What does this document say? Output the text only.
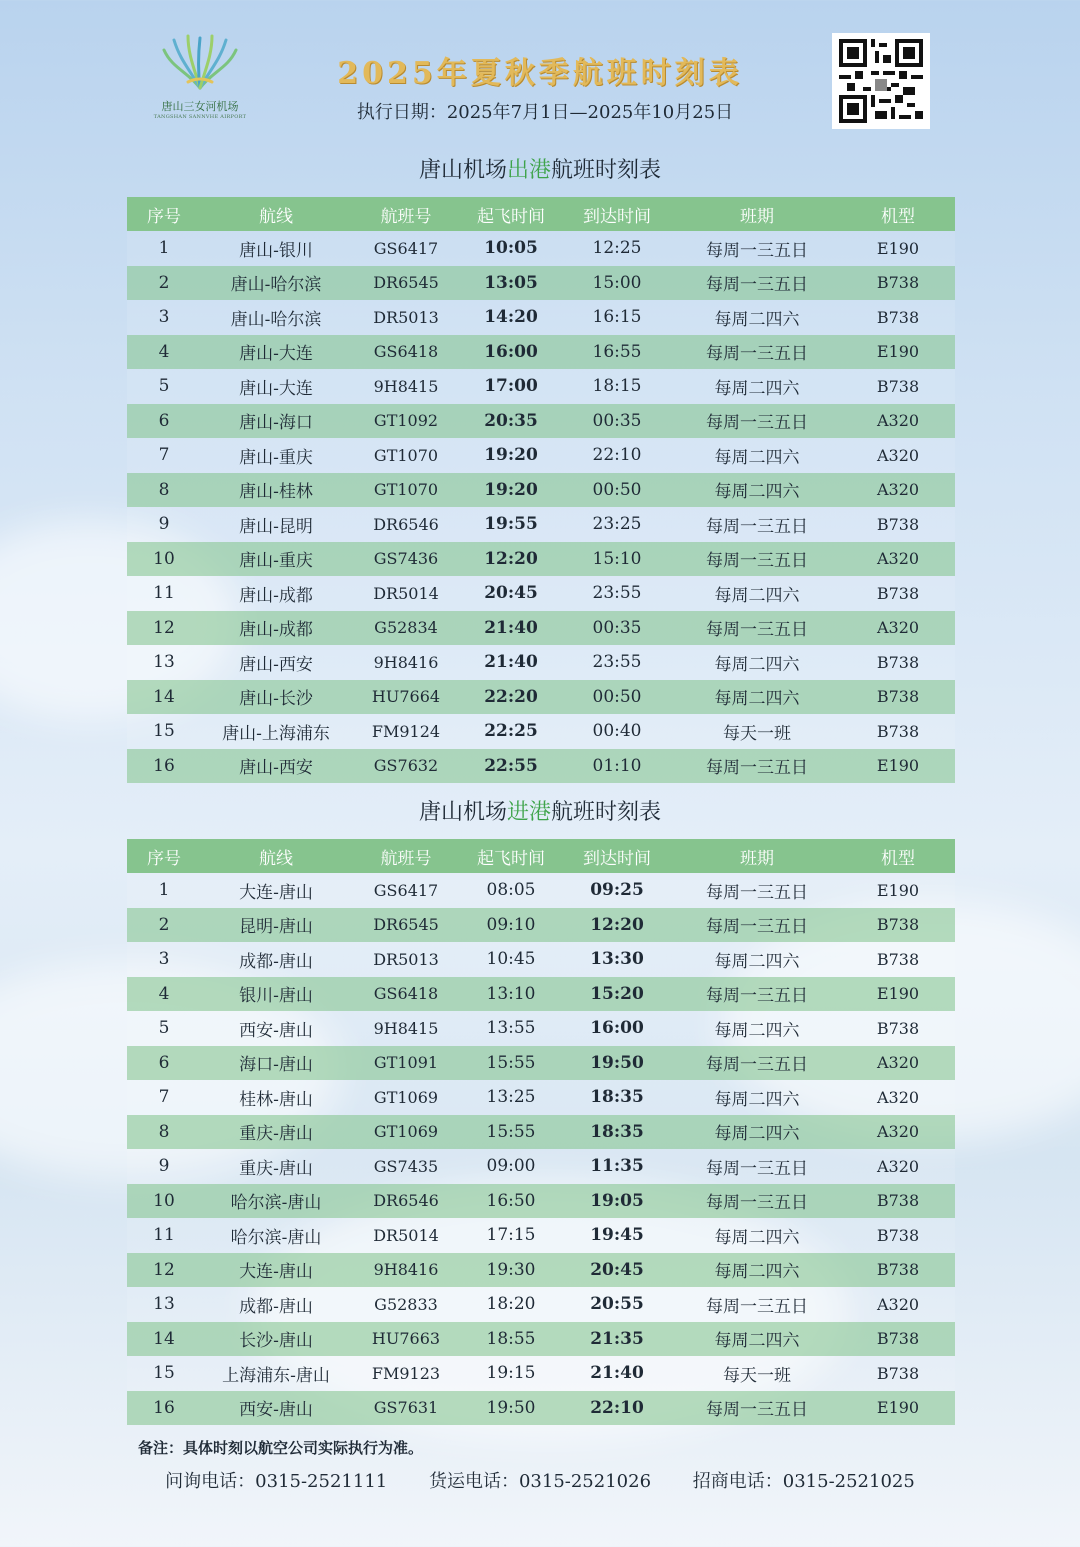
唐山三女河机场
TANGSHAN SANNVHE AIRPORT
2025年夏秋季航班时刻表
执行日期：2025年7月1日—2025年10月25日
唐山机场出港航班时刻表
序号	航线	航班号	起飞时间	到达时间	班期	机型
1	唐山-银川	GS6417	10:05	12:25	每周一三五日	E190
2	唐山-哈尔滨	DR6545	13:05	15:00	每周一三五日	B738
3	唐山-哈尔滨	DR5013	14:20	16:15	每周二四六	B738
4	唐山-大连	GS6418	16:00	16:55	每周一三五日	E190
5	唐山-大连	9H8415	17:00	18:15	每周二四六	B738
6	唐山-海口	GT1092	20:35	00:35	每周一三五日	A320
7	唐山-重庆	GT1070	19:20	22:10	每周二四六	A320
8	唐山-桂林	GT1070	19:20	00:50	每周二四六	A320
9	唐山-昆明	DR6546	19:55	23:25	每周一三五日	B738
10	唐山-重庆	GS7436	12:20	15:10	每周一三五日	A320
11	唐山-成都	DR5014	20:45	23:55	每周二四六	B738
12	唐山-成都	G52834	21:40	00:35	每周一三五日	A320
13	唐山-西安	9H8416	21:40	23:55	每周二四六	B738
14	唐山-长沙	HU7664	22:20	00:50	每周二四六	B738
15	唐山-上海浦东	FM9124	22:25	00:40	每天一班	B738
16	唐山-西安	GS7632	22:55	01:10	每周一三五日	E190
唐山机场进港航班时刻表
序号	航线	航班号	起飞时间	到达时间	班期	机型
1	大连-唐山	GS6417	08:05	09:25	每周一三五日	E190
2	昆明-唐山	DR6545	09:10	12:20	每周一三五日	B738
3	成都-唐山	DR5013	10:45	13:30	每周二四六	B738
4	银川-唐山	GS6418	13:10	15:20	每周一三五日	E190
5	西安-唐山	9H8415	13:55	16:00	每周二四六	B738
6	海口-唐山	GT1091	15:55	19:50	每周一三五日	A320
7	桂林-唐山	GT1069	13:25	18:35	每周二四六	A320
8	重庆-唐山	GT1069	15:55	18:35	每周二四六	A320
9	重庆-唐山	GS7435	09:00	11:35	每周一三五日	A320
10	哈尔滨-唐山	DR6546	16:50	19:05	每周一三五日	B738
11	哈尔滨-唐山	DR5014	17:15	19:45	每周二四六	B738
12	大连-唐山	9H8416	19:30	20:45	每周二四六	B738
13	成都-唐山	G52833	18:20	20:55	每周一三五日	A320
14	长沙-唐山	HU7663	18:55	21:35	每周二四六	B738
15	上海浦东-唐山	FM9123	19:15	21:40	每天一班	B738
16	西安-唐山	GS7631	19:50	22:10	每周一三五日	E190
备注：具体时刻以航空公司实际执行为准。
问询电话：0315-2521111 货运电话：0315-2521026 招商电话：0315-2521025
